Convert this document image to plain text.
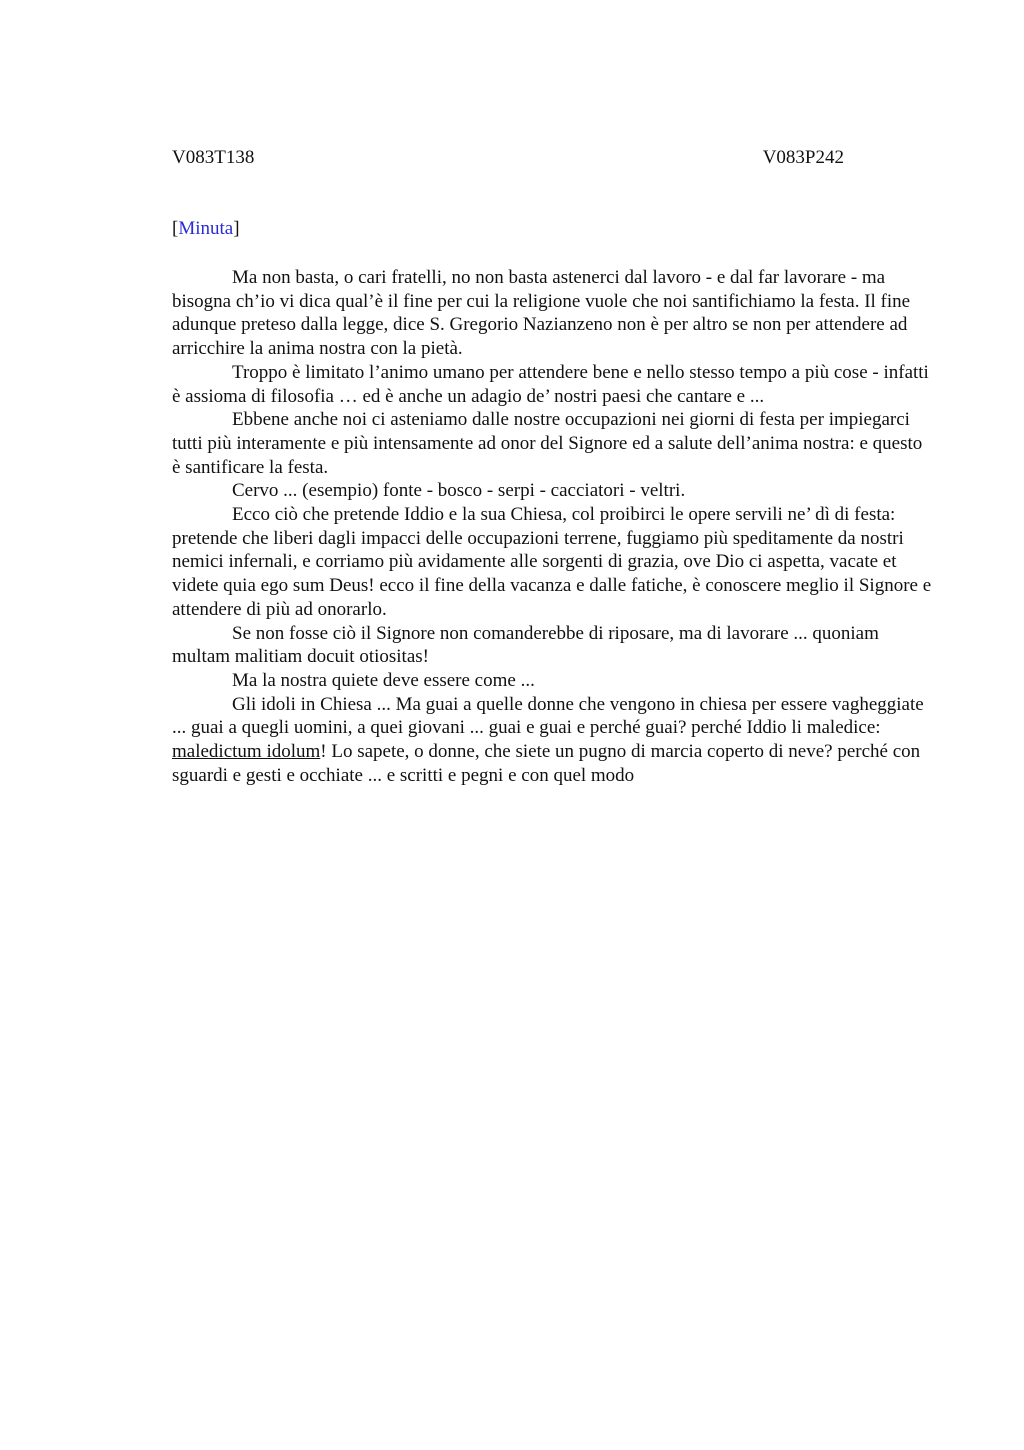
V083T138	V083P242
[Minuta]

Ma non basta, o cari fratelli, no non basta astenerci dal lavoro - e dal far lavorare - ma bisogna ch’io vi dica qual’è il fine per cui la religione vuole che noi santifichiamo la festa. Il fine adunque preteso dalla legge, dice S. Gregorio Nazianzeno non è per altro se non per attendere ad arricchire la anima nostra con la pietà.

Troppo è limitato l’animo umano per attendere bene e nello stesso tempo a più cose - infatti è assioma di filosofia … ed è anche un adagio de’ nostri paesi che cantare e ...

Ebbene anche noi ci asteniamo dalle nostre occupazioni nei giorni di festa per impiegarci tutti più interamente e più intensamente ad onor del Signore ed a salute dell’anima nostra: e questo è santificare la festa.

Cervo ... (esempio) fonte - bosco - serpi - cacciatori - veltri.

Ecco ciò che pretende Iddio e la sua Chiesa, col proibirci le opere servili ne’ dì di festa: pretende che liberi dagli impacci delle occupazioni terrene, fuggiamo più speditamente da nostri nemici infernali, e corriamo più avidamente alle sorgenti di grazia, ove Dio ci aspetta, vacate et videte quia ego sum Deus! ecco il fine della vacanza e dalle fatiche, è conoscere meglio il Signore e attendere di più ad onorarlo.

Se non fosse ciò il Signore non comanderebbe di riposare, ma di lavorare ... quoniam multam malitiam docuit otiositas!

Ma la nostra quiete deve essere come ...

Gli idoli in Chiesa ... Ma guai a quelle donne che vengono in chiesa per essere vagheggiate ... guai a quegli uomini, a quei giovani ... guai e guai e perché guai? perché Iddio li maledice: maledictum idolum! Lo sapete, o donne, che siete un pugno di marcia coperto di neve? perché con sguardi e gesti e occhiate ... e scritti e pegni e con quel modo
